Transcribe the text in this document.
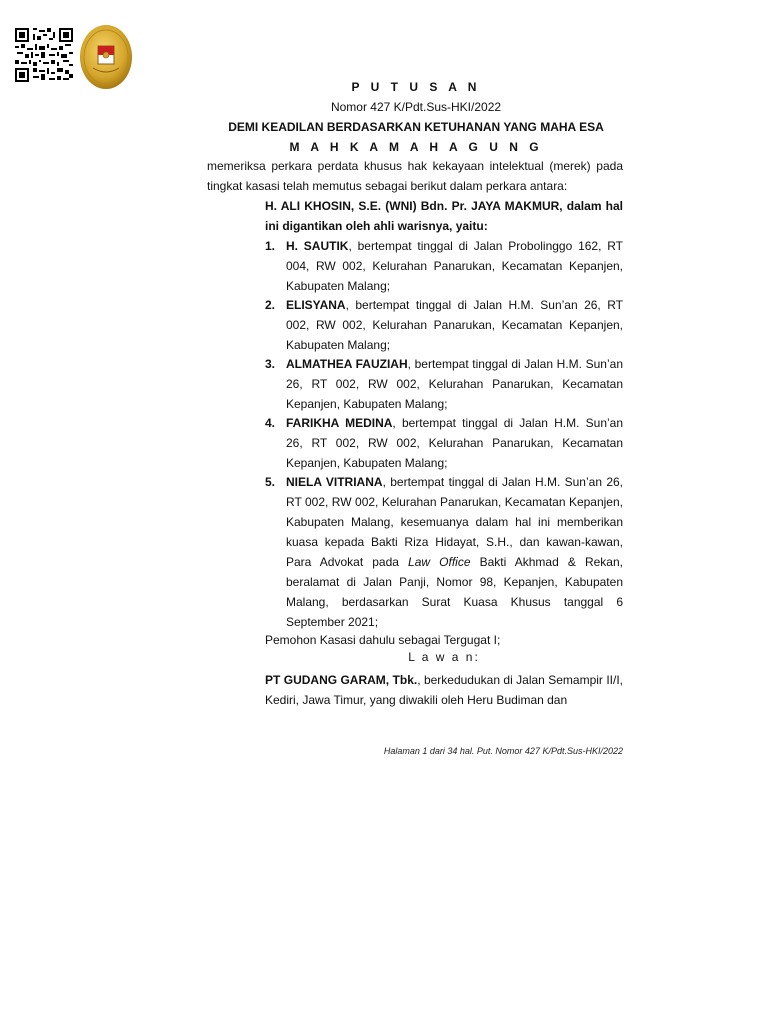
P U T U S A N
Nomor 427 K/Pdt.Sus-HKI/2022
DEMI KEADILAN BERDASARKAN KETUHANAN YANG MAHA ESA
M A H K A M A H A G U N G
memeriksa perkara perdata khusus hak kekayaan intelektual (merek) pada tingkat kasasi telah memutus sebagai berikut dalam perkara antara:
H. ALI KHOSIN, S.E. (WNI) Bdn. Pr. JAYA MAKMUR, dalam hal ini digantikan oleh ahli warisnya, yaitu:
1. H. SAUTIK, bertempat tinggal di Jalan Probolinggo 162, RT 004, RW 002, Kelurahan Panarukan, Kecamatan Kepanjen, Kabupaten Malang;
2. ELISYANA, bertempat tinggal di Jalan H.M. Sun’an 26, RT 002, RW 002, Kelurahan Panarukan, Kecamatan Kepanjen, Kabupaten Malang;
3. ALMATHEA FAUZIAH, bertempat tinggal di Jalan H.M. Sun’an 26, RT 002, RW 002, Kelurahan Panarukan, Kecamatan Kepanjen, Kabupaten Malang;
4. FARIKHA MEDINA, bertempat tinggal di Jalan H.M. Sun’an 26, RT 002, RW 002, Kelurahan Panarukan, Kecamatan Kepanjen, Kabupaten Malang;
5. NIELA VITRIANA, bertempat tinggal di Jalan H.M. Sun’an 26, RT 002, RW 002, Kelurahan Panarukan, Kecamatan Kepanjen, Kabupaten Malang, kesemuanya dalam hal ini memberikan kuasa kepada Bakti Riza Hidayat, S.H., dan kawan-kawan, Para Advokat pada Law Office Bakti Akhmad & Rekan, beralamat di Jalan Panji, Nomor 98, Kepanjen, Kabupaten Malang, berdasarkan Surat Kuasa Khusus tanggal 6 September 2021;
Pemohon Kasasi dahulu sebagai Tergugat I;
L a w a n:
PT GUDANG GARAM, Tbk., berkedudukan di Jalan Semampir II/I, Kediri, Jawa Timur, yang diwakili oleh Heru Budiman dan
Halaman 1 dari 34 hal. Put. Nomor 427 K/Pdt.Sus-HKI/2022
